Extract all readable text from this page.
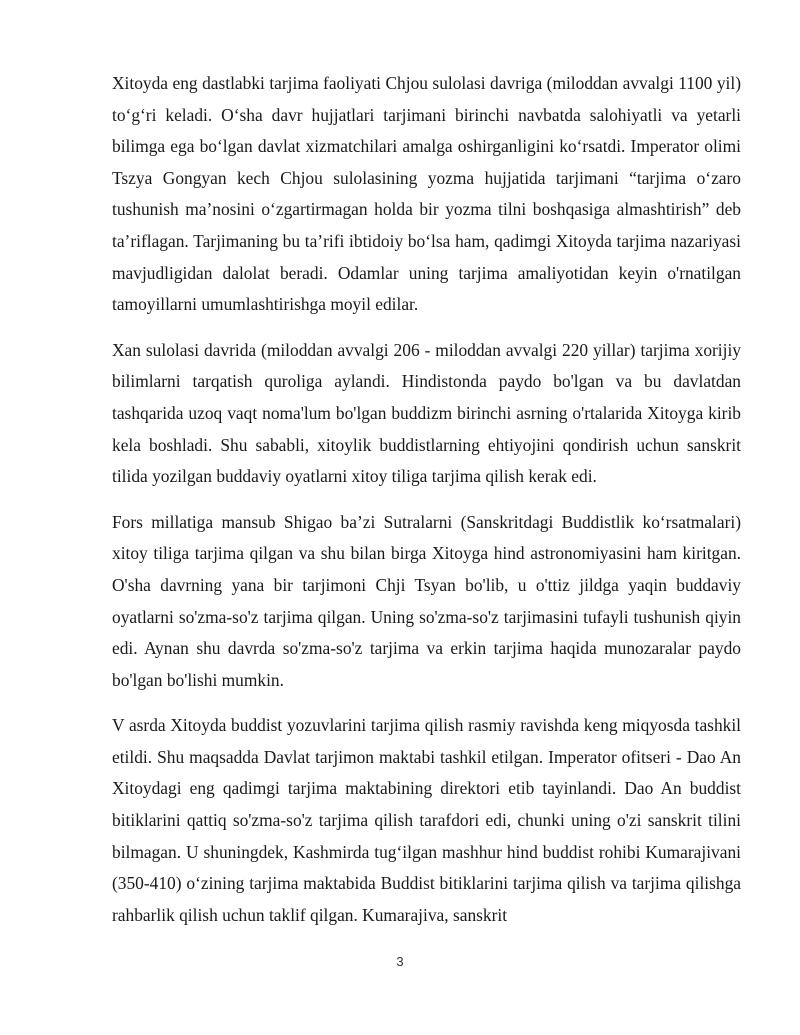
Xitoyda eng dastlabki tarjima faoliyati Chjou sulolasi davriga (miloddan avvalgi 1100 yil) to‘g‘ri keladi. O‘sha davr hujjatlari tarjimani birinchi navbatda salohiyatli va yetarli bilimga ega bo‘lgan davlat xizmatchilari amalga oshirganligini ko‘rsatdi. Imperator olimi Tszya Gongyan kech Chjou sulolasining yozma hujjatida tarjimani “tarjima o‘zaro tushunish ma’nosini o‘zgartirmagan holda bir yozma tilni boshqasiga almashtirish” deb ta’riflagan. Tarjimaning bu ta’rifi ibtidoiy bo‘lsa ham, qadimgi Xitoyda tarjima nazariyasi mavjudligidan dalolat beradi. Odamlar uning tarjima amaliyotidan keyin o'rnatilgan tamoyillarni umumlashtirishga moyil edilar.

Xan sulolasi davrida (miloddan avvalgi 206 - miloddan avvalgi 220 yillar) tarjima xorijiy bilimlarni tarqatish quroliga aylandi. Hindistonda paydo bo'lgan va bu davlatdan tashqarida uzoq vaqt noma'lum bo'lgan buddizm birinchi asrning o'rtalarida Xitoyga kirib kela boshladi. Shu sababli, xitoylik buddistlarning ehtiyojini qondirish uchun sanskrit tilida yozilgan buddaviy oyatlarni xitoy tiliga tarjima qilish kerak edi.

Fors millatiga mansub Shigao ba’zi Sutralarni (Sanskritdagi Buddistlik ko‘rsatmalari) xitoy tiliga tarjima qilgan va shu bilan birga Xitoyga hind astronomiyasini ham kiritgan. O'sha davrning yana bir tarjimoni Chji Tsyan bo'lib, u o'ttiz jildga yaqin buddaviy oyatlarni so'zma-so'z tarjima qilgan. Uning so'zma-so'z tarjimasini tufayli tushunish qiyin edi. Aynan shu davrda so'zma-so'z tarjima va erkin tarjima haqida munozaralar paydo bo'lgan bo'lishi mumkin.

V asrda Xitoyda buddist yozuvlarini tarjima qilish rasmiy ravishda keng miqyosda tashkil etildi. Shu maqsadda Davlat tarjimon maktabi tashkil etilgan. Imperator ofitseri - Dao An Xitoydagi eng qadimgi tarjima maktabining direktori etib tayinlandi. Dao An buddist bitiklarini qattiq so'zma-so'z tarjima qilish tarafdori edi, chunki uning o'zi sanskrit tilini bilmagan. U shuningdek, Kashmirda tug‘ilgan mashhur hind buddist rohibi Kumarajivani (350-410) o‘zining tarjima maktabida Buddist bitiklarini tarjima qilish va tarjima qilishga rahbarlik qilish uchun taklif qilgan. Kumarajiva, sanskrit

3
